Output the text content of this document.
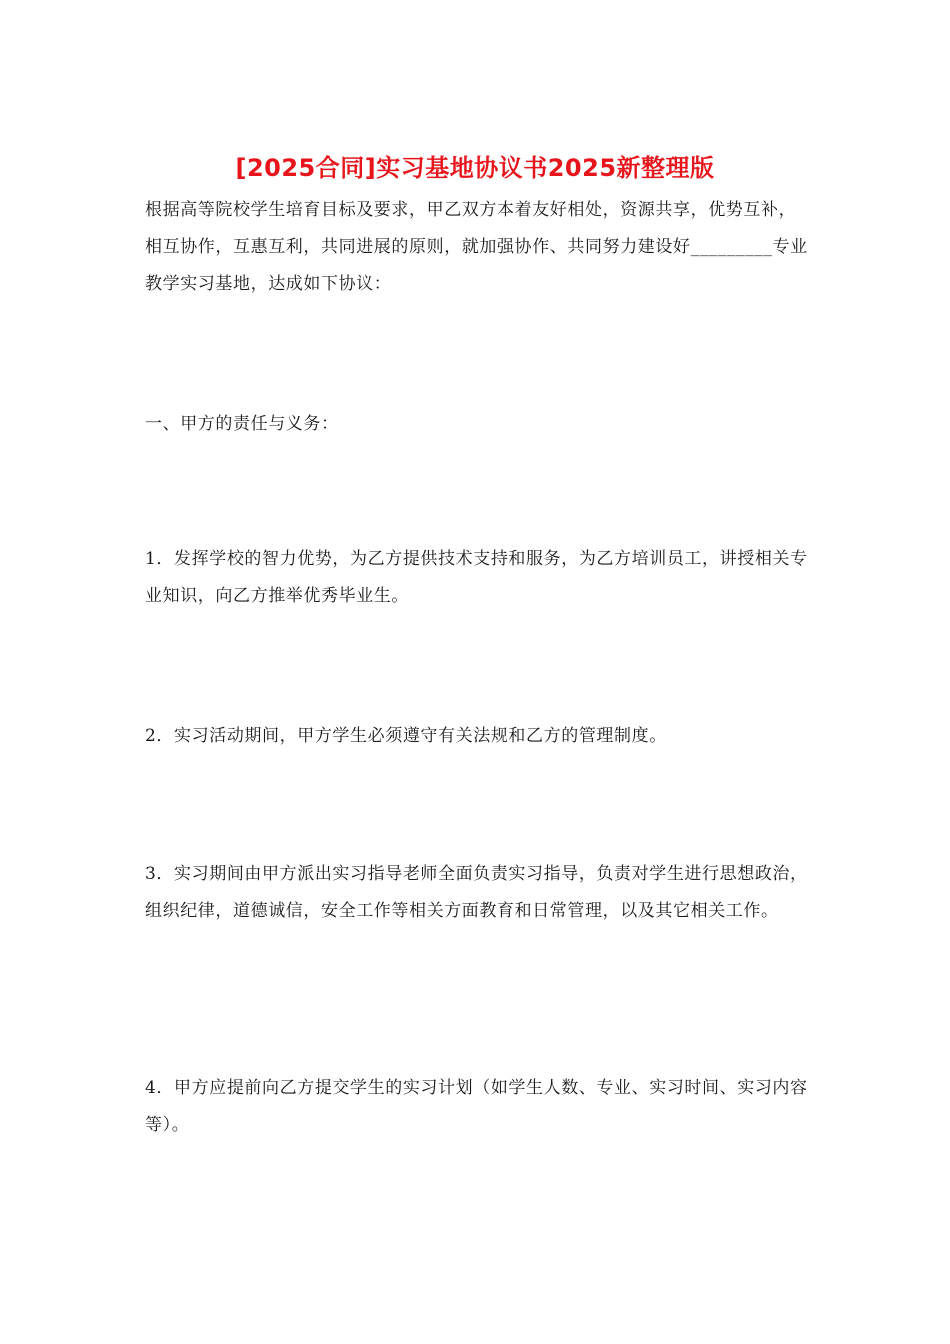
[2025合同]实习基地协议书2025新整理版

根据高等院校学生培育目标及要求，甲乙双方本着友好相处，资源共享，优势互补，相互协作，互惠互利，共同进展的原则，就加强协作、共同努力建设好_________专业教学实习基地，达成如下协议：

一、甲方的责任与义务：

1．发挥学校的智力优势，为乙方提供技术支持和服务，为乙方培训员工，讲授相关专业知识，向乙方推举优秀毕业生。

2．实习活动期间，甲方学生必须遵守有关法规和乙方的管理制度。

3．实习期间由甲方派出实习指导老师全面负责实习指导，负责对学生进行思想政治，组织纪律，道德诚信，安全工作等相关方面教育和日常管理，以及其它相关工作。

4．甲方应提前向乙方提交学生的实习计划（如学生人数、专业、实习时间、实习内容等）。
